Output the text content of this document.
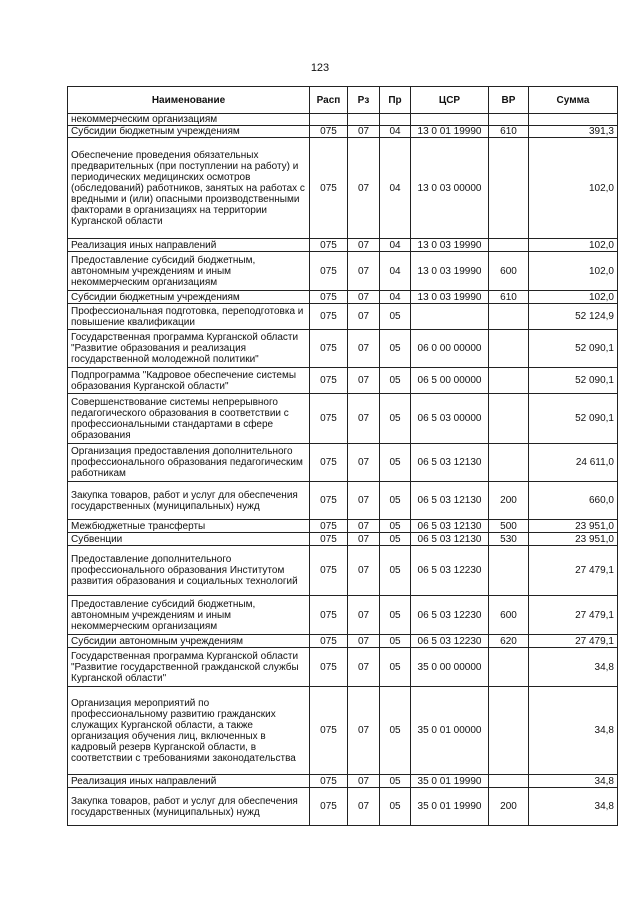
123
Наименование	Расп	Рз	Пр	ЦСР	ВР	Сумма
некоммерческим организациям						
Субсидии бюджетным учреждениям	075	07	04	13 0 01 19990	610	391,3
Обеспечение проведения обязательных предварительных (при поступлении на работу) и периодических медицинских осмотров (обследований) работников, занятых на работах с вредными и (или) опасными производственными факторами в организациях на территории Курганской области	075	07	04	13 0 03 00000		102,0
Реализация иных направлений	075	07	04	13 0 03 19990		102,0
Предоставление субсидий бюджетным, автономным учреждениям и иным некоммерческим организациям	075	07	04	13 0 03 19990	600	102,0
Субсидии бюджетным учреждениям	075	07	04	13 0 03 19990	610	102,0
Профессиональная подготовка, переподготовка и повышение квалификации	075	07	05			52 124,9
Государственная программа Курганской области "Развитие образования и реализация государственной молодежной политики"	075	07	05	06 0 00 00000		52 090,1
Подпрограмма "Кадровое обеспечение системы образования Курганской области"	075	07	05	06 5 00 00000		52 090,1
Совершенствование системы непрерывного педагогического образования в соответствии с профессиональными стандартами в сфере образования	075	07	05	06 5 03 00000		52 090,1
Организация предоставления дополнительного профессионального образования педагогическим работникам	075	07	05	06 5 03 12130		24 611,0
Закупка товаров, работ и услуг для обеспечения государственных (муниципальных) нужд	075	07	05	06 5 03 12130	200	660,0
Межбюджетные трансферты	075	07	05	06 5 03 12130	500	23 951,0
Субвенции	075	07	05	06 5 03 12130	530	23 951,0
Предоставление дополнительного профессионального образования Институтом развития образования и социальных технологий	075	07	05	06 5 03 12230		27 479,1
Предоставление субсидий бюджетным, автономным учреждениям и иным некоммерческим организациям	075	07	05	06 5 03 12230	600	27 479,1
Субсидии автономным учреждениям	075	07	05	06 5 03 12230	620	27 479,1
Государственная программа Курганской области "Развитие государственной гражданской службы Курганской области"	075	07	05	35 0 00 00000		34,8
Организация мероприятий по профессиональному развитию гражданских служащих Курганской области, а также организация обучения лиц, включенных в кадровый резерв Курганской области, в соответствии с требованиями законодательства	075	07	05	35 0 01 00000		34,8
Реализация иных направлений	075	07	05	35 0 01 19990		34,8
Закупка товаров, работ и услуг для обеспечения государственных (муниципальных) нужд	075	07	05	35 0 01 19990	200	34,8
